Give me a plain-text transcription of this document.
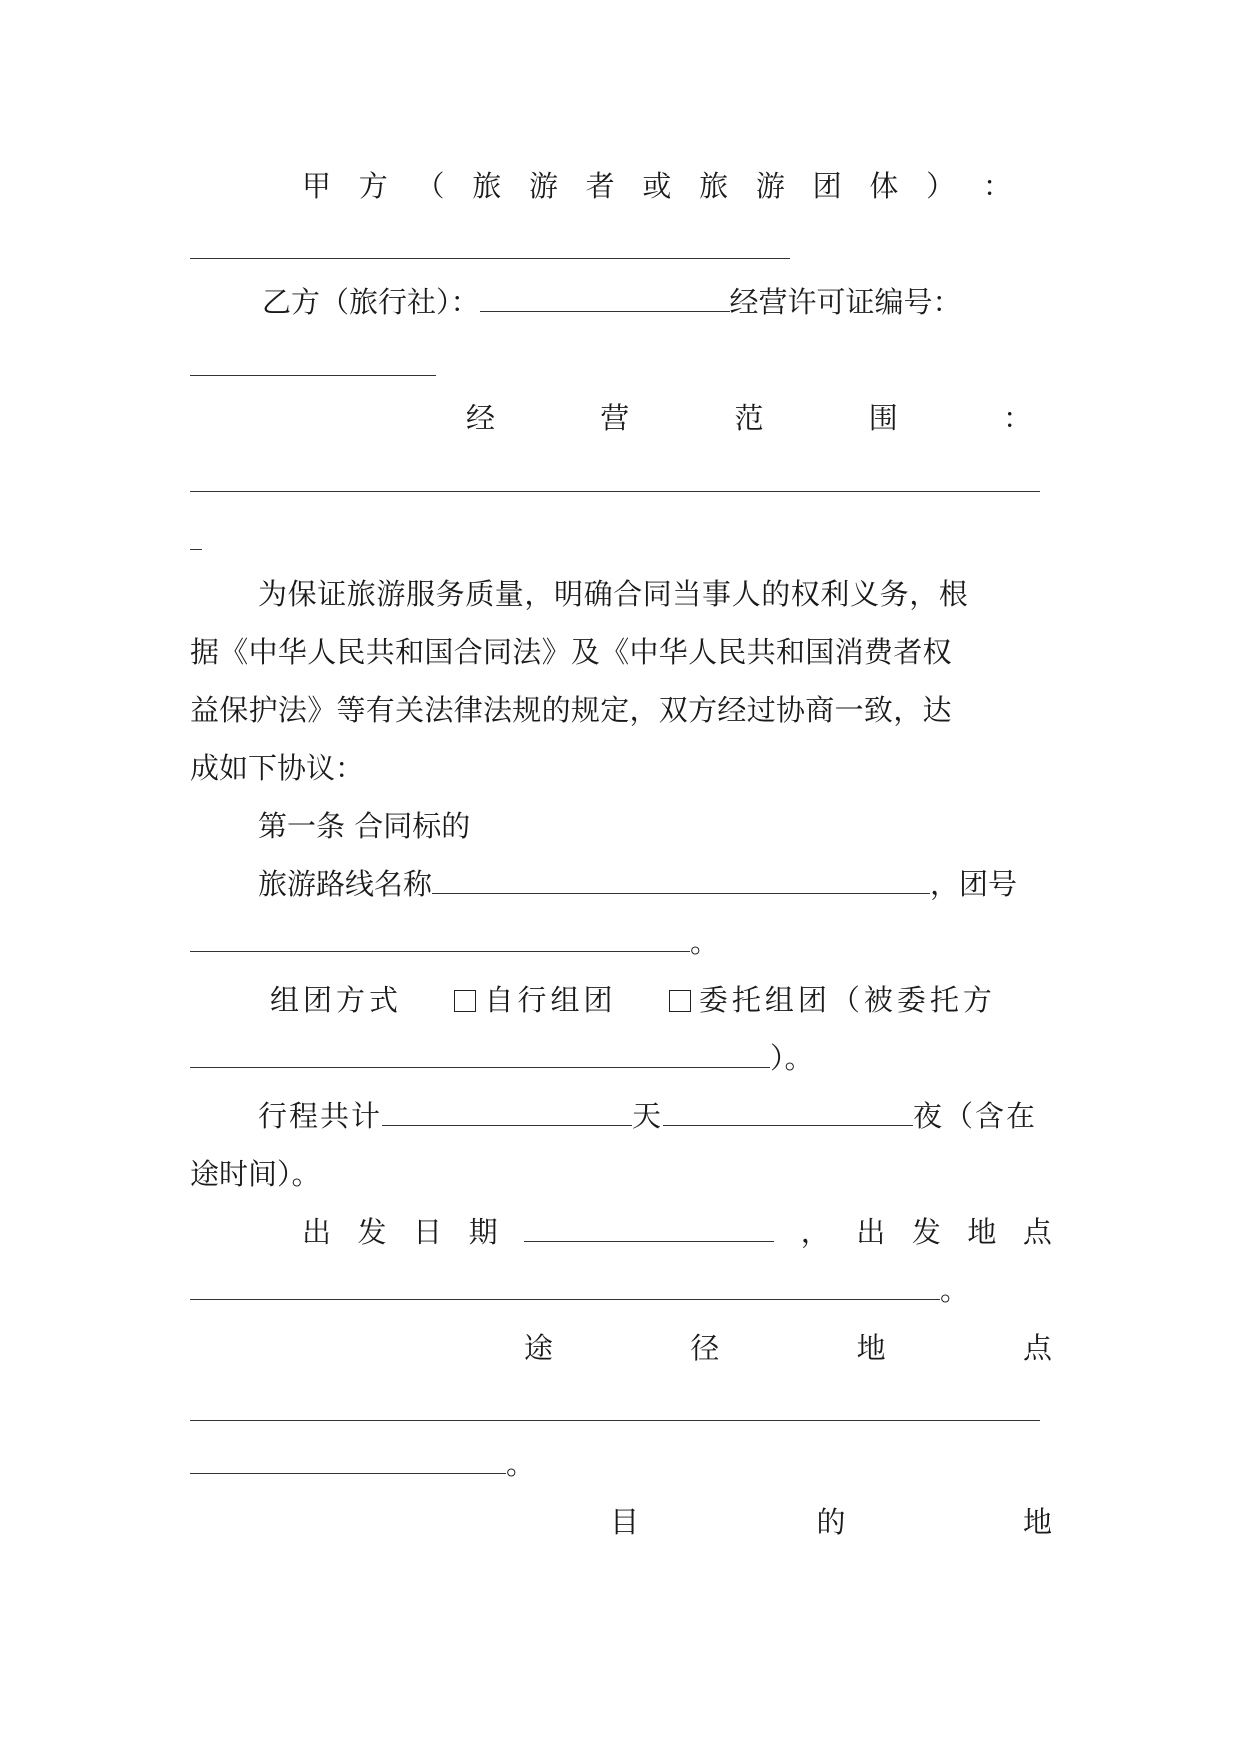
甲 方 （ 旅 游 者 或 旅 游 团 体 ） ：
乙方（旅行社）：	经营许可证编号：
经	营	范	围	：
为保证旅游服务质量，明确合同当事人的权利义务，根
据《中华人民共和国合同法》及《中华人民共和国消费者权
益保护法》等有关法律法规的规定，双方经过协商一致，达
成如下协议：
第一条 合同标的
旅游路线名称	，团号
。
组团方式	自行组团	委托组团（被委托方
）。
行程共计	天	夜（含在
途时间）。
出 发 日 期	， 出 发 地 点
。
途	径	地	点
。
目	的	地
